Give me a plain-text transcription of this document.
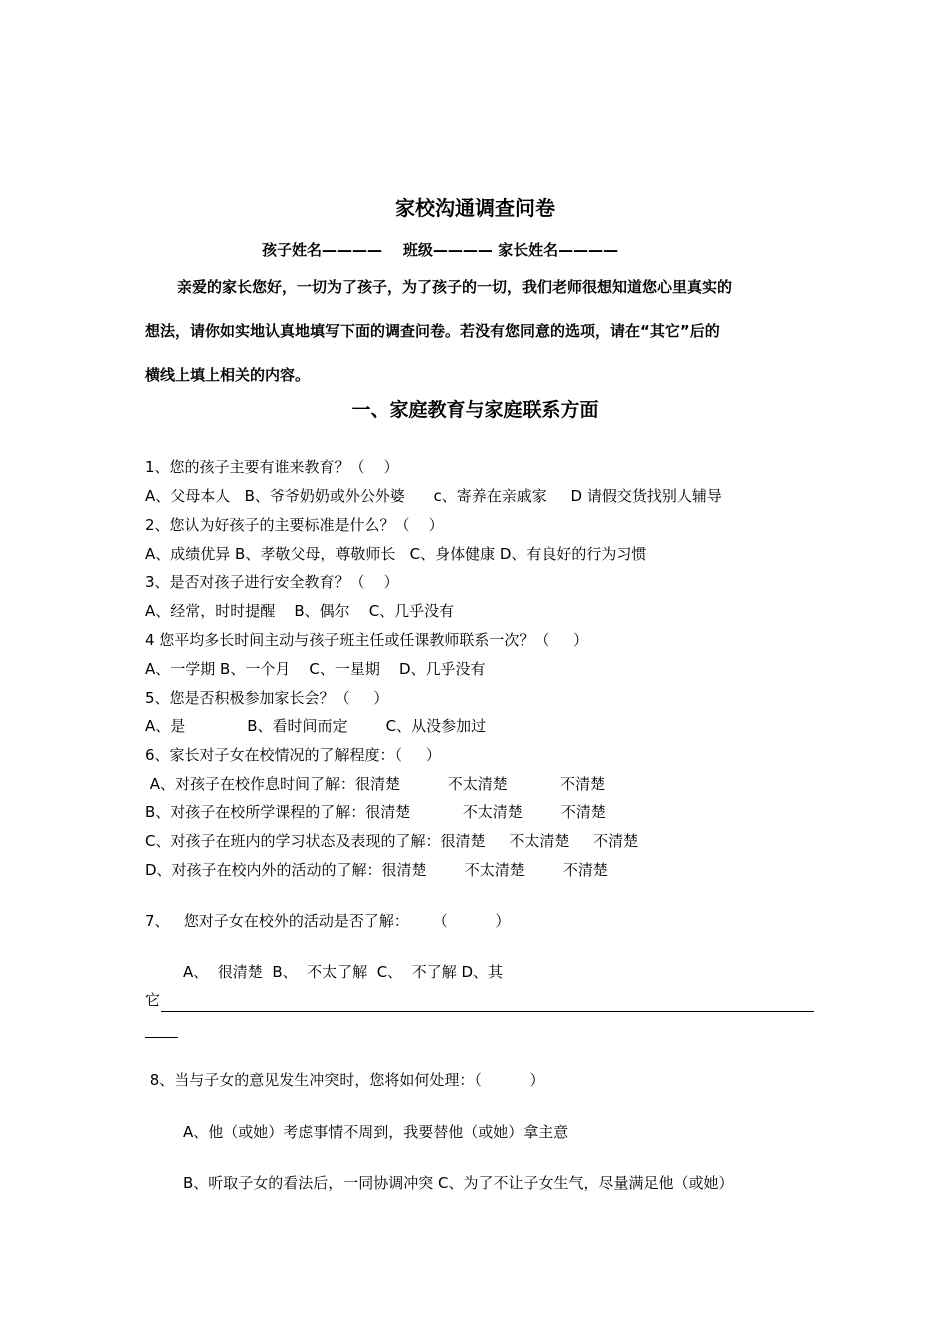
家校沟通调查问卷
孩子姓名————    班级———— 家长姓名————
亲爱的家长您好，一切为了孩子，为了孩子的一切，我们老师很想知道您心里真实的
想法，请你如实地认真地填写下面的调查问卷。若没有您同意的选项，请在“其它”后的
横线上填上相关的内容。
一、家庭教育与家庭联系方面
1、您的孩子主要有谁来教育？（    ）
A、父母本人   B、爷爷奶奶或外公外婆      c、寄养在亲戚家     D 请假交货找别人辅导
2、您认为好孩子的主要标准是什么？（    ）
A、成绩优异 B、孝敬父母，尊敬师长   C、身体健康 D、有良好的行为习惯
3、是否对孩子进行安全教育？（    ）
A、经常，时时提醒    B、偶尔    C、几乎没有
4 您平均多长时间主动与孩子班主任或任课教师联系一次？（     ）
A、一学期 B、一个月    C、一星期    D、几乎没有
5、您是否积极参加家长会？（     ）
A、是             B、看时间而定        C、从没参加过
6、家长对子女在校情况的了解程度：（     ）
A、对孩子在校作息时间了解：很清楚          不太清楚           不清楚
B、对孩子在校所学课程的了解：很清楚           不太清楚        不清楚
C、对孩子在班内的学习状态及表现的了解：很清楚     不太清楚     不清楚
D、对孩子在校内外的活动的了解：很清楚        不太清楚        不清楚
7、   您对子女在校外的活动是否了解：     （          ）
A、  很清楚  B、  不太了解  C、  不了解 D、其
它
8、当与子女的意见发生冲突时，您将如何处理：（          ）
A、他（或她）考虑事情不周到，我要替他（或她）拿主意
B、听取子女的看法后，一同协调冲突 C、为了不让子女生气，尽量满足他（或她）
